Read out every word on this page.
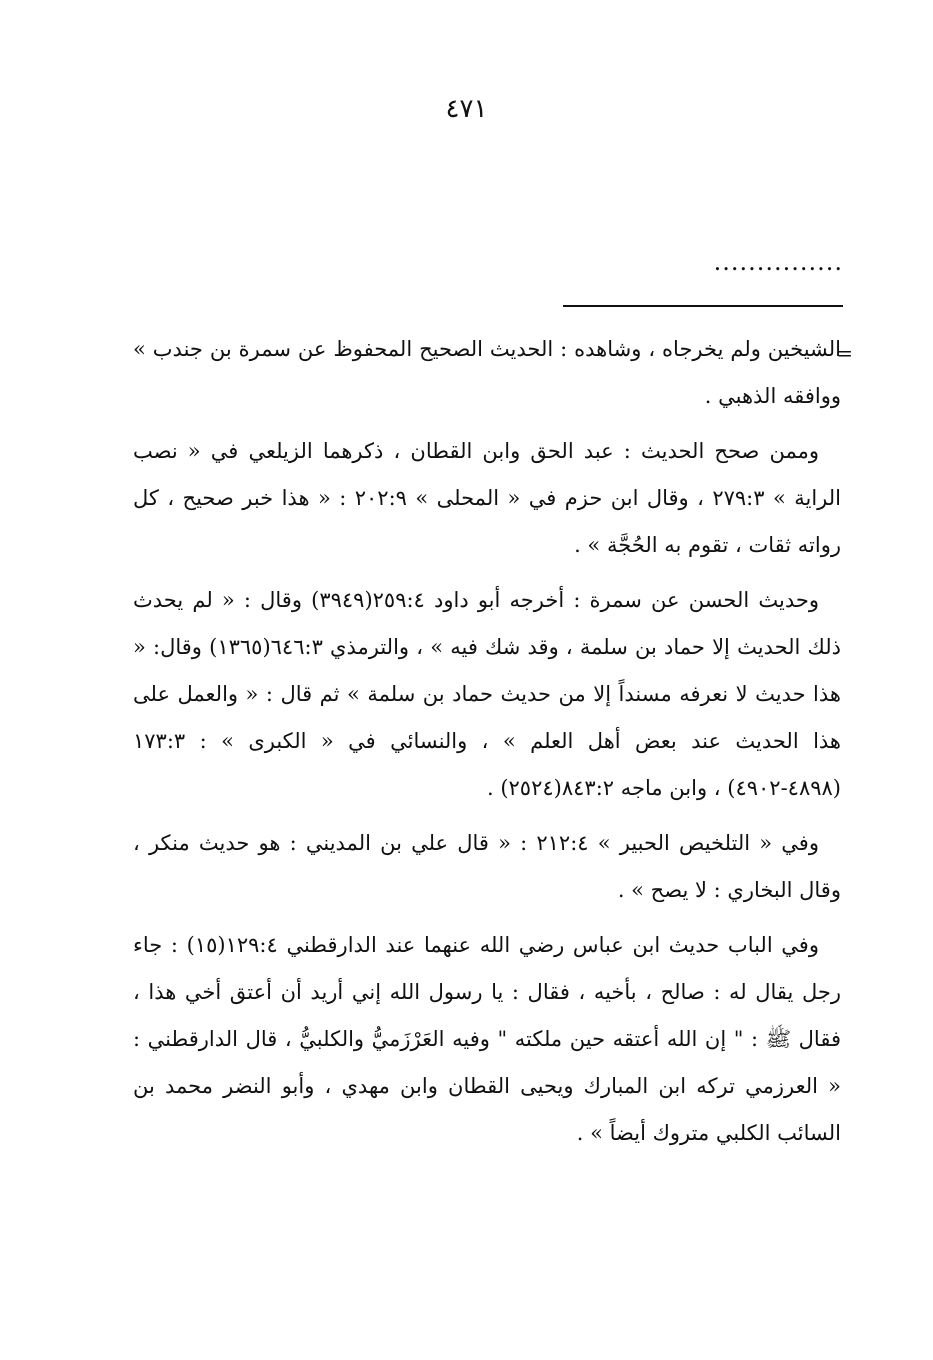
٤٧١
...............
=

الشيخين ولم يخرجاه ، وشاهده : الحديث الصحيح المحفوظ عن سمرة بن جندب » ووافقه الذهبي .

وممن صحح الحديث : عبد الحق وابن القطان ، ذكرهما الزيلعي في « نصب الراية » ٢٧٩:٣ ، وقال ابن حزم في « المحلى » ٢٠٢:٩ : « هذا خبر صحيح ، كل رواته ثقات ، تقوم به الحُجَّة » .

وحديث الحسن عن سمرة : أخرجه أبو داود ٢٥٩:٤(٣٩٤٩) وقال : « لم يحدث ذلك الحديث إلا حماد بن سلمة ، وقد شك فيه » ، والترمذي ٦٤٦:٣(١٣٦٥) وقال: « هذا حديث لا نعرفه مسنداً إلا من حديث حماد بن سلمة » ثم قال : « والعمل على هذا الحديث عند بعض أهل العلم » ، والنسائي في « الكبرى » : ١٧٣:٣ (٤٨٩٨-٤٩٠٢) ، وابن ماجه ٨٤٣:٢(٢٥٢٤) .

وفي « التلخيص الحبير » ٢١٢:٤ : « قال علي بن المديني : هو حديث منكر ، وقال البخاري : لا يصح » .

وفي الباب حديث ابن عباس رضي الله عنهما عند الدارقطني ١٢٩:٤(١٥) : جاء رجل يقال له : صالح ، بأخيه ، فقال : يا رسول الله إني أريد أن أعتق أخي هذا ، فقال ﷺ : " إن الله أعتقه حين ملكته " وفيه العَرْزَميُّ والكلبيُّ ، قال الدارقطني : « العرزمي تركه ابن المبارك ويحيى القطان وابن مهدي ، وأبو النضر محمد بن السائب الكلبي متروك أيضاً » .
